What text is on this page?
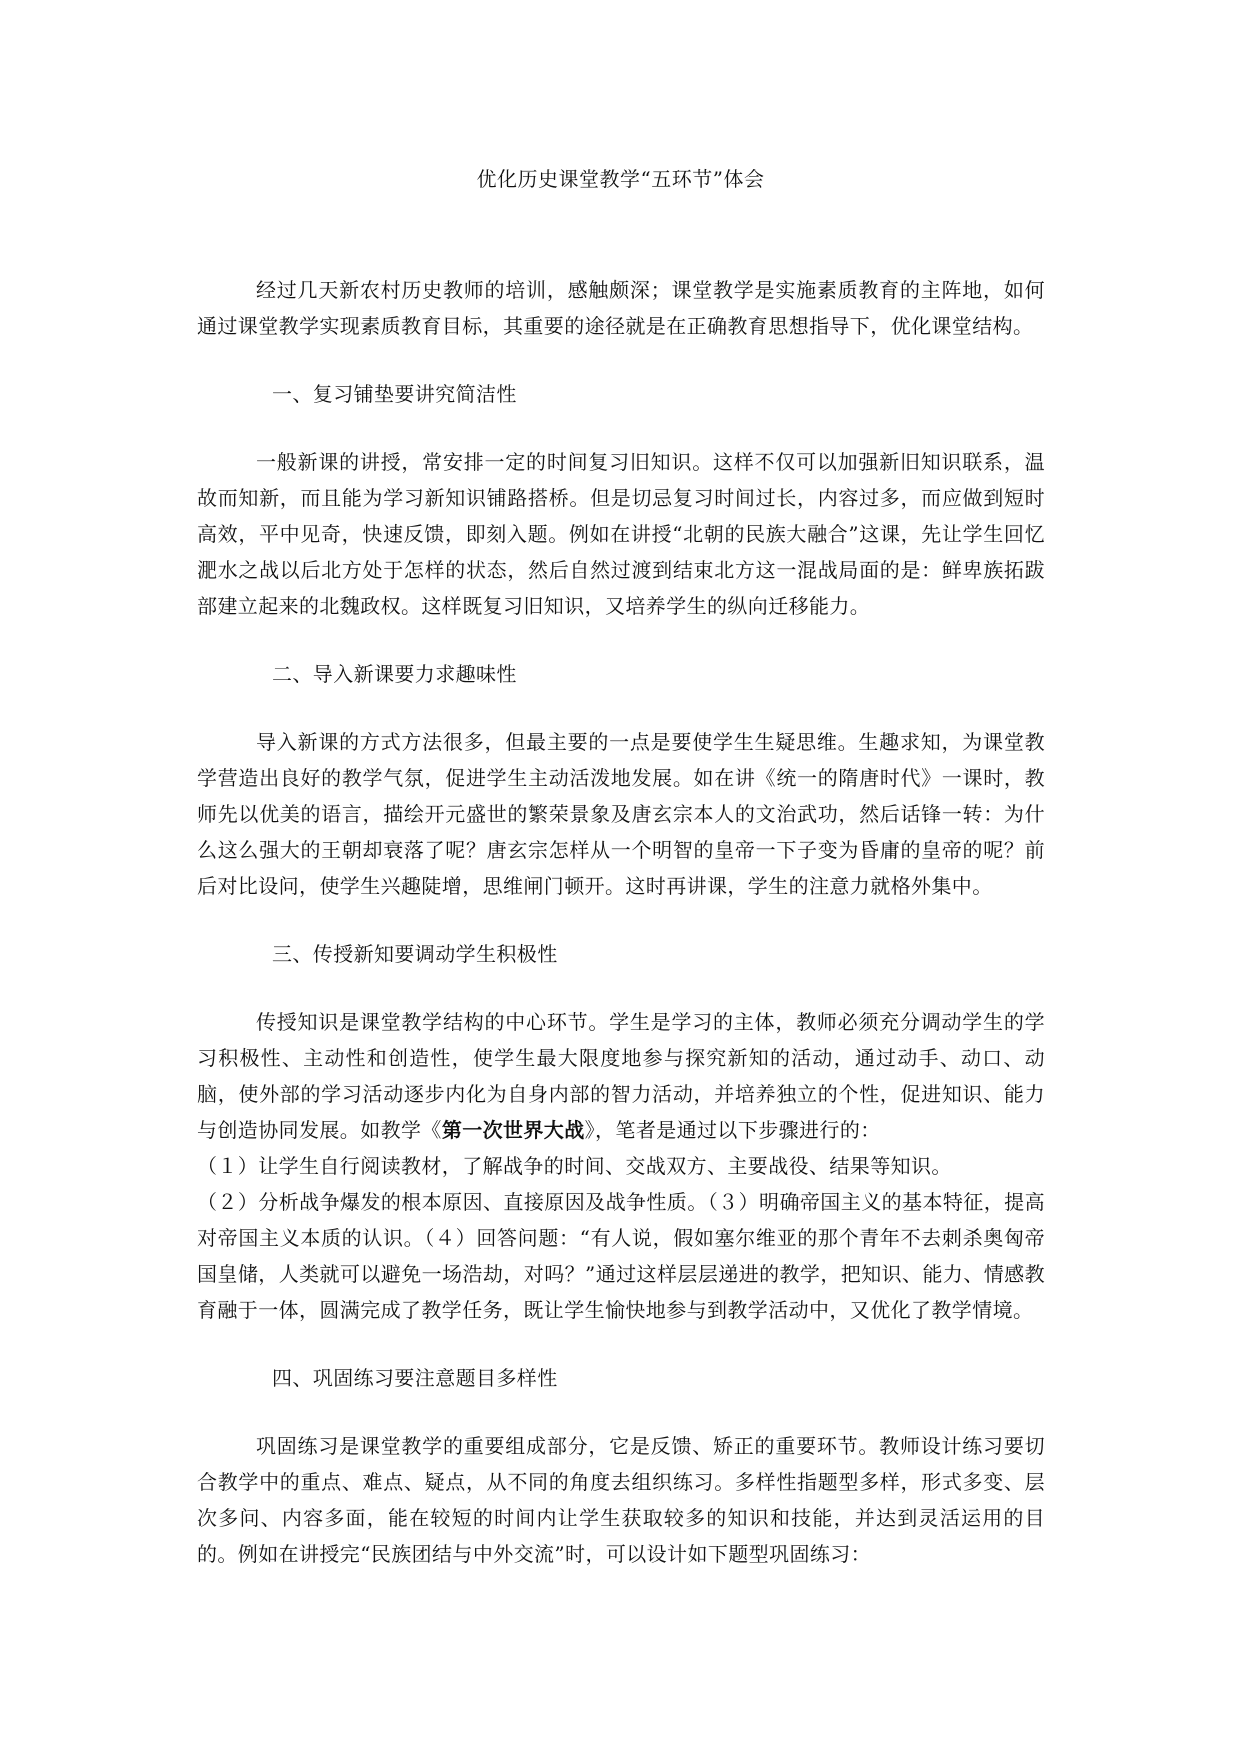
优化历史课堂教学“五环节”体会

经过几天新农村历史教师的培训，感触颇深；课堂教学是实施素质教育的主阵地，如何通过课堂教学实现素质教育目标，其重要的途径就是在正确教育思想指导下，优化课堂结构。

一、复习铺垫要讲究简洁性

一般新课的讲授，常安排一定的时间复习旧知识。这样不仅可以加强新旧知识联系，温故而知新，而且能为学习新知识铺路搭桥。但是切忌复习时间过长，内容过多，而应做到短时高效，平中见奇，快速反馈，即刻入题。例如在讲授“北朝的民族大融合”这课，先让学生回忆淝水之战以后北方处于怎样的状态，然后自然过渡到结束北方这一混战局面的是：鲜卑族拓跋部建立起来的北魏政权。这样既复习旧知识，又培养学生的纵向迁移能力。

二、导入新课要力求趣味性

导入新课的方式方法很多，但最主要的一点是要使学生生疑思维。生趣求知，为课堂教学营造出良好的教学气氛，促进学生主动活泼地发展。如在讲《统一的隋唐时代》一课时，教师先以优美的语言，描绘开元盛世的繁荣景象及唐玄宗本人的文治武功，然后话锋一转：为什么这么强大的王朝却衰落了呢？唐玄宗怎样从一个明智的皇帝一下子变为昏庸的皇帝的呢？前后对比设问，使学生兴趣陡增，思维闸门顿开。这时再讲课，学生的注意力就格外集中。

三、传授新知要调动学生积极性

传授知识是课堂教学结构的中心环节。学生是学习的主体，教师必须充分调动学生的学习积极性、主动性和创造性，使学生最大限度地参与探究新知的活动，通过动手、动口、动脑，使外部的学习活动逐步内化为自身内部的智力活动，并培养独立的个性，促进知识、能力与创造协同发展。如教学《第一次世界大战》，笔者是通过以下步骤进行的：
（１）让学生自行阅读教材，了解战争的时间、交战双方、主要战役、结果等知识。
（２）分析战争爆发的根本原因、直接原因及战争性质。（３）明确帝国主义的基本特征，提高对帝国主义本质的认识。（４）回答问题：“有人说，假如塞尔维亚的那个青年不去刺杀奥匈帝国皇储，人类就可以避免一场浩劫，对吗？”通过这样层层递进的教学，把知识、能力、情感教育融于一体，圆满完成了教学任务，既让学生愉快地参与到教学活动中，又优化了教学情境。

四、巩固练习要注意题目多样性

巩固练习是课堂教学的重要组成部分，它是反馈、矫正的重要环节。教师设计练习要切合教学中的重点、难点、疑点，从不同的角度去组织练习。多样性指题型多样，形式多变、层次多问、内容多面，能在较短的时间内让学生获取较多的知识和技能，并达到灵活运用的目的。例如在讲授完“民族团结与中外交流”时，可以设计如下题型巩固练习：
